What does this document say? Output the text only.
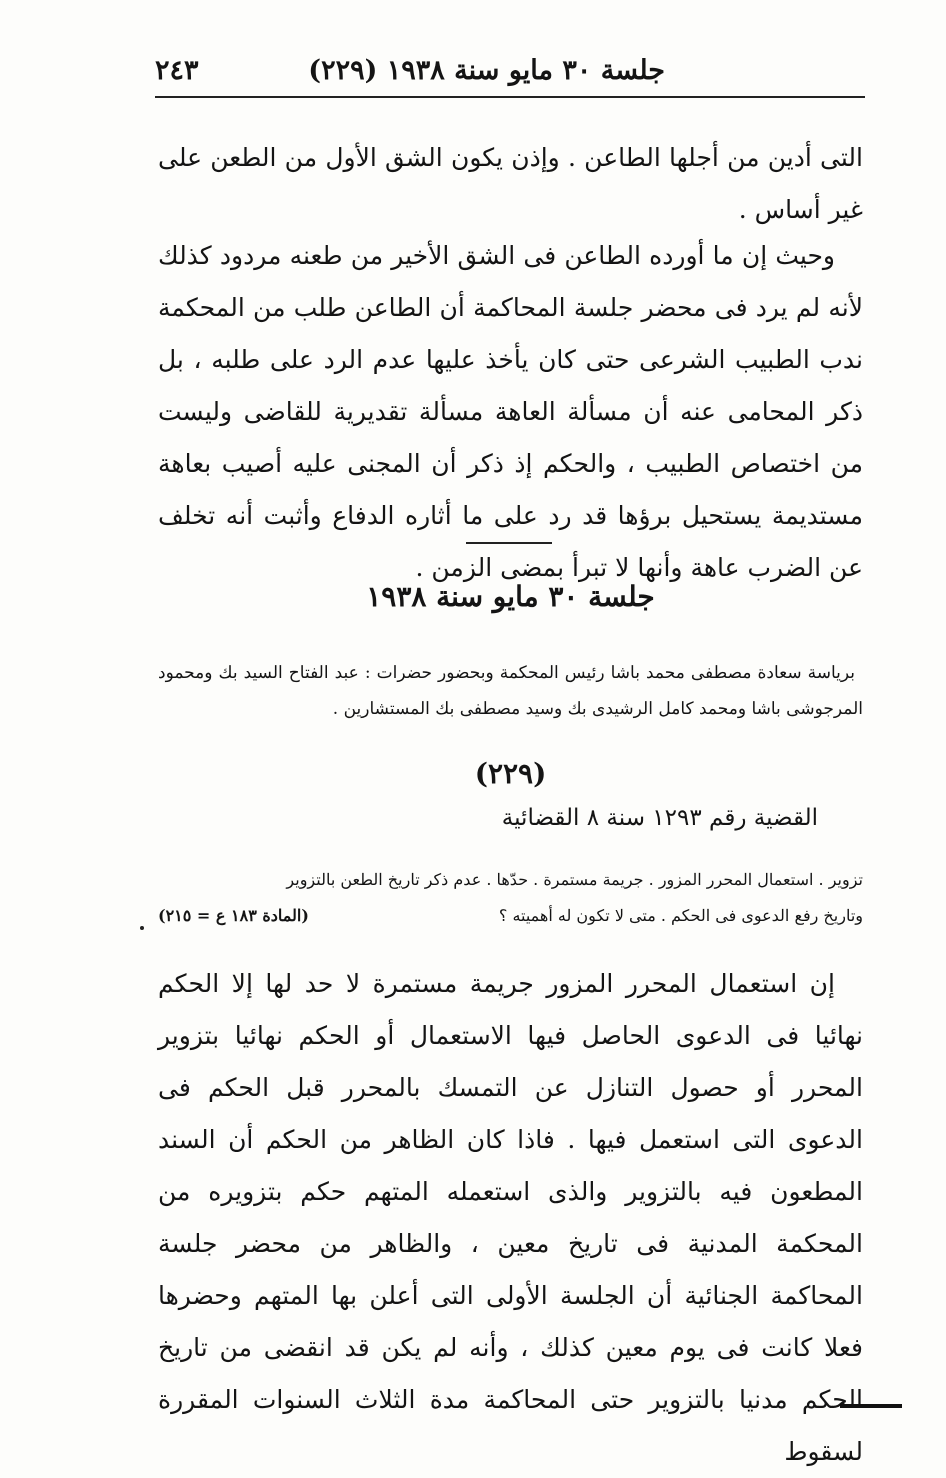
جلسة ٣٠ مايو سنة ١٩٣٨ (٢٢٩)
٢٤٣
التى أدين من أجلها الطاعن . وإذن يكون الشق الأول من الطعن على غير أساس .
وحيث إن ما أورده الطاعن فى الشق الأخير من طعنه مردود كذلك لأنه لم يرد فى محضر جلسة المحاكمة أن الطاعن طلب من المحكمة ندب الطبيب الشرعى حتى كان يأخذ عليها عدم الرد على طلبه ، بل ذكر المحامى عنه أن مسألة العاهة مسألة تقديرية للقاضى وليست من اختصاص الطبيب ، والحكم إذ ذكر أن المجنى عليه أصيب بعاهة مستديمة يستحيل برؤها قد رد على ما أثاره الدفاع وأثبت أنه تخلف عن الضرب عاهة وأنها لا تبرأ بمضى الزمن .
جلسة ٣٠ مايو سنة ١٩٣٨
برياسة سعادة مصطفى محمد باشا رئيس المحكمة وبحضور حضرات : عبد الفتاح السيد بك ومحمود المرجوشى باشا ومحمد كامل الرشيدى بك وسيد مصطفى بك المستشارين .
(٢٢٩)
القضية رقم ١٢٩٣ سنة ٨ القضائية
تزوير . استعمال المحرر المزور . جريمة مستمرة . حدّها . عدم ذكر تاريخ الطعن بالتزوير
وتاريخ رفع الدعوى فى الحكم . متى لا تكون له أهميته ؟
(المادة ١٨٣ ع = ٢١٥)
إن استعمال المحرر المزور جريمة مستمرة لا حد لها إلا الحكم نهائيا فى الدعوى الحاصل فيها الاستعمال أو الحكم نهائيا بتزوير المحرر أو حصول التنازل عن التمسك بالمحرر قبل الحكم فى الدعوى التى استعمل فيها . فاذا كان الظاهر من الحكم أن السند المطعون فيه بالتزوير والذى استعمله المتهم حكم بتزويره من المحكمة المدنية فى تاريخ معين ، والظاهر من محضر جلسة المحاكمة الجنائية أن الجلسة الأولى التى أعلن بها المتهم وحضرها فعلا كانت فى يوم معين كذلك ، وأنه لم يكن قد انقضى من تاريخ الحكم مدنيا بالتزوير حتى المحاكمة مدة الثلاث السنوات المقررة لسقوط
